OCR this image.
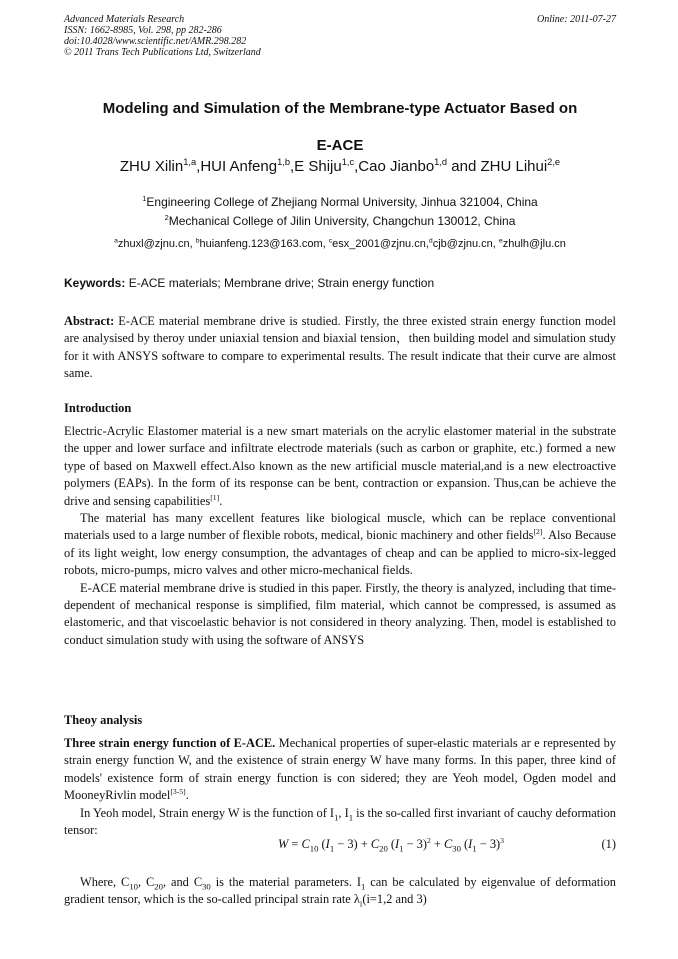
Advanced Materials Research
ISSN: 1662-8985, Vol. 298, pp 282-286
doi:10.4028/www.scientific.net/AMR.298.282
© 2011 Trans Tech Publications Ltd, Switzerland
Online: 2011-07-27
Modeling and Simulation of the Membrane-type Actuator Based on
E-ACE
ZHU Xilin$^{1,a}$,HUI Anfeng$^{1,b}$,E Shiju$^{1,c}$,Cao Jianbo$^{1,d}$ and ZHU Lihui$^{2,e}$
$^1$Engineering College of Zhejiang Normal University, Jinhua 321004, China
$^2$Mechanical College of Jilin University, Changchun 130012, China
$^a$zhuxl@zjnu.cn, $^b$huianfeng.123@163.com, $^c$esx_2001@zjnu.cn,$^d$cjb@zjnu.cn, $^e$zhulh@jlu.cn
Keywords: E-ACE materials; Membrane drive; Strain energy function

Abstract: E-ACE material membrane drive is studied. Firstly, the three existed strain energy function model are analysised by theroy under uniaxial tension and biaxial tension，then building model and simulation study for it with ANSYS software to compare to experimental results. The result indicate that their curve are almost same.

Introduction

Electric-Acrylic Elastomer material is a new smart materials on the acrylic elastomer material in the substrate the upper and lower surface and infiltrate electrode materials (such as carbon or graphite, etc.) formed a new type of based on Maxwell effect.Also known as the new artificial muscle material,and is a new electroactive polymers (EAPs). In the form of its response can be bent, contraction or expansion. Thus,can be achieve the drive and sensing capabilities[1].

The material has many excellent features like biological muscle, which can be replace conventional materials used to a large number of flexible robots, medical, bionic machinery and other fields[2]. Also Because of its light weight, low energy consumption, the advantages of cheap and can be applied to micro-six-legged robots, micro-pumps, micro valves and other micro-mechanical fields.

E-ACE material membrane drive is studied in this paper. Firstly, the theory is analyzed, including that time-dependent of mechanical response is simplified, film material, which cannot be compressed, is assumed as elastomeric, and that viscoelastic behavior is not considered in theory analyzing. Then, model is established to conduct simulation study with using the software of ANSYS

Theoy analysis

Three strain energy function of E-ACE. Mechanical properties of super-elastic materials ar e represented by strain energy function W, and the existence of strain energy W have many forms. In this paper, three kind of models' existence form of strain energy function is con sidered; they are Yeoh model, Ogden model and MooneyRivlin model[3-5].

In Yeoh model, Strain energy W is the function of $I_1$, $I_1$ is the so-called first invariant of cauchy deformation tensor:

$W = C_{10}$ $(I_1 - 3) + C_{20}$ $(I_1 - 3)^2 + C_{30}$ $(I_1 - 3)^3$	(1)

Where, $C_{10}$, $C_{20}$, and $C_{30}$ is the material parameters. $I_1$ can be calculated by eigenvalue of deformation gradient tensor, which is the so-called principal strain rate $\lambda_i(i=1,2$ and 3)
